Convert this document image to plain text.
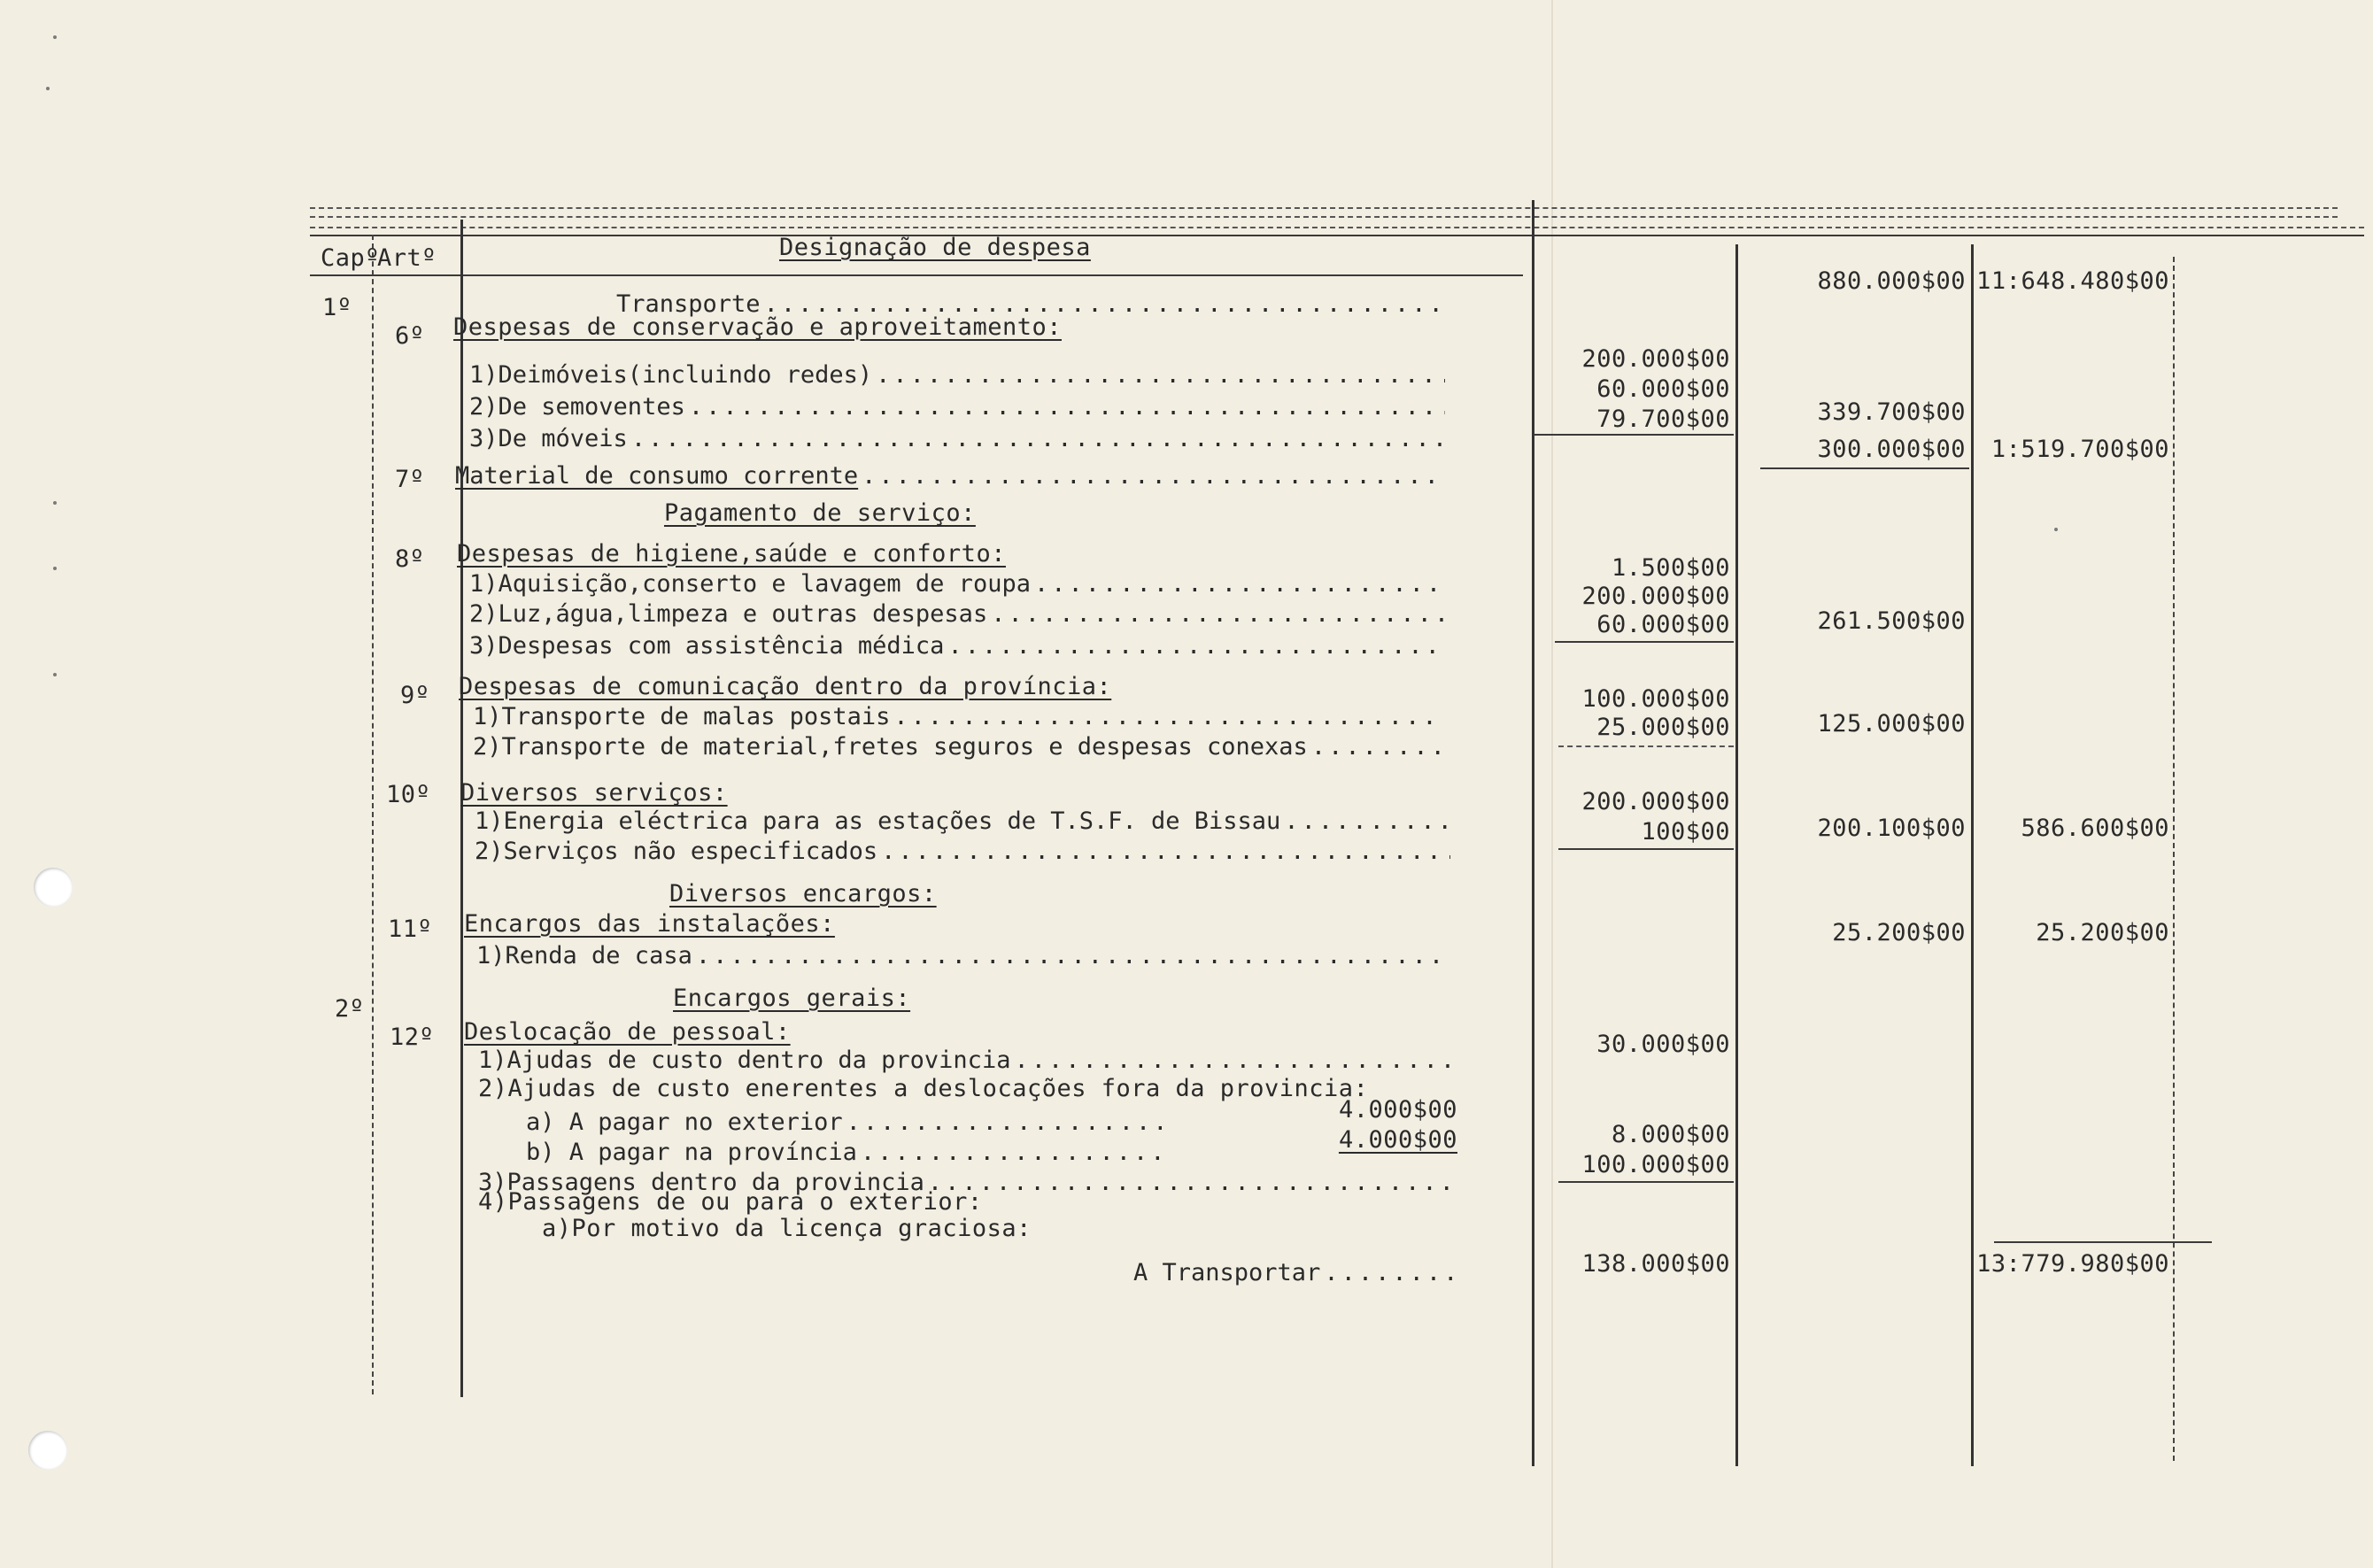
Capº
Artº	Designação de despesa
1º
6º
7º
8º
9º
10º
11º
2º
12º
Transporte
.....
Despesas de conservação e aproveitamento:
1)Deimóveis(incluindo redes)
.....
2)De semoventes
.....
3)De móveis
.....
Material de consumo corrente
.....
Pagamento de serviço:
Despesas de higiene,saúde e conforto:
1)Aquisição,conserto e lavagem de roupa
.....
2)Luz,água,limpeza e outras despesas
.....
3)Despesas com assistência médica
.....
Despesas de comunicação dentro da província:
1)Transporte de malas postais
.....
2)Transporte de material,fretes seguros e despesas conexas
.....
Diversos serviços:
1)Energia eléctrica para as estações de T.S.F. de Bissau
.....
2)Serviços não especificados
.....
Diversos encargos:
Encargos das instalações:
1)Renda de casa
.....
Encargos gerais:
Deslocação de pessoal:
1)Ajudas de custo dentro da provincia
.....
2)Ajudas de custo enerentes a deslocações fora da provincia:
a) A pagar no exterior
.....
b) A pagar na província
.....
3)Passagens dentro da provincia
.....
4)Passagens de ou para o exterior:
a)Por motivo da licença graciosa:
A Transportar
.....
4.000$00
4.000$00
200.000$00
60.000$00
79.700$00
1.500$00
200.000$00
60.000$00
100.000$00
25.000$00
200.000$00
100$00
30.000$00
8.000$00
100.000$00
138.000$00
880.000$00
339.700$00
300.000$00
261.500$00
125.000$00
200.100$00
25.200$00
11:648.480$00
1:519.700$00
586.600$00
25.200$00
13:779.980$00
